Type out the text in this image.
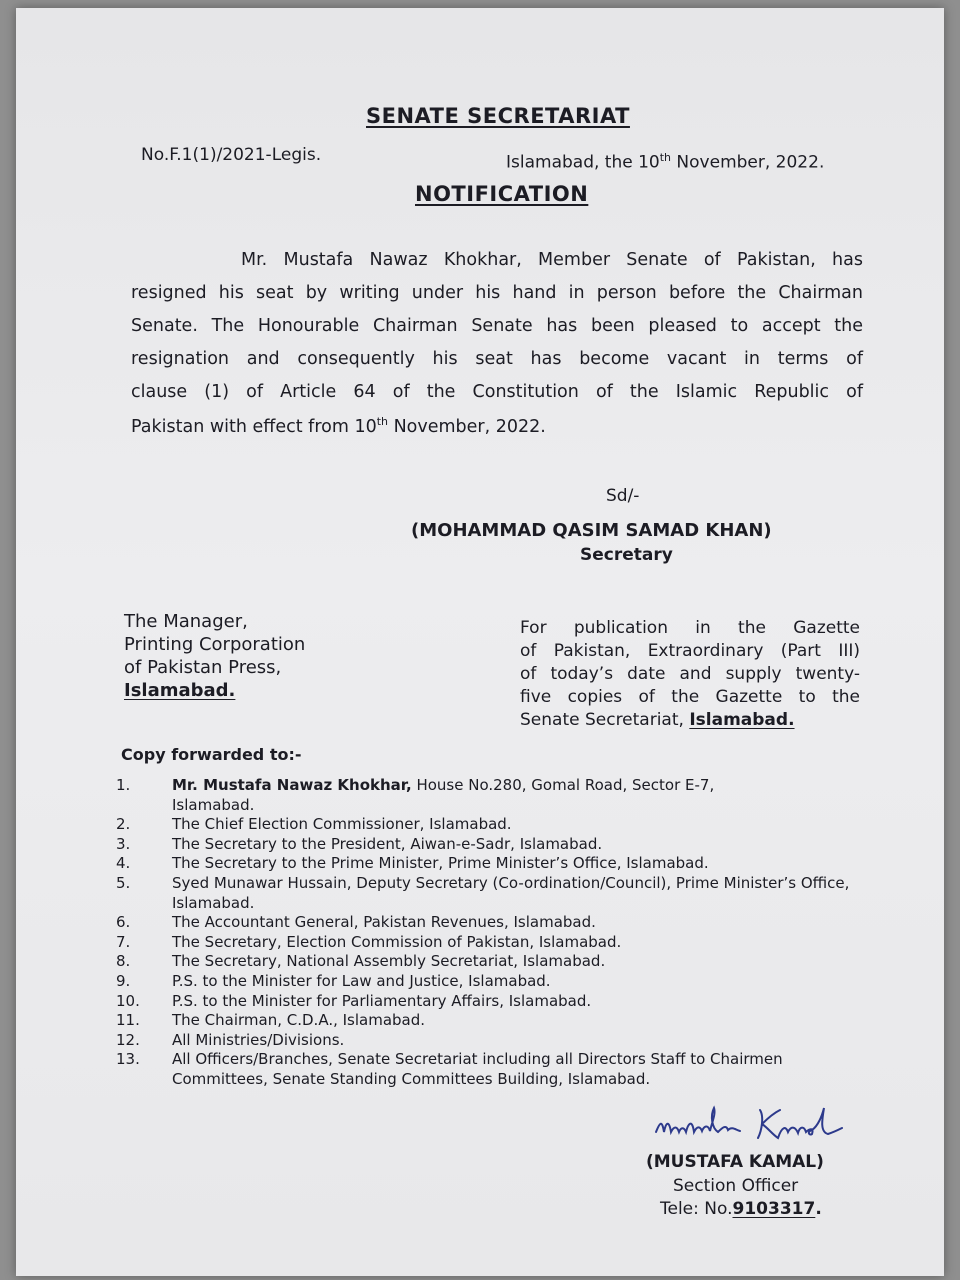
SENATE SECRETARIAT
No.F.1(1)/2021-Legis.	Islamabad, the 10th November, 2022.
NOTIFICATION
Mr. Mustafa Nawaz Khokhar, Member Senate of Pakistan, has
resigned his seat by writing under his hand in person before the Chairman
Senate. The Honourable Chairman Senate has been pleased to accept the
resignation and consequently his seat has become vacant in terms of
clause (1) of Article 64 of the Constitution of the Islamic Republic of
Pakistan with effect from 10th November, 2022.
Sd/-
(MOHAMMAD QASIM SAMAD KHAN)
Secretary
The Manager,
Printing Corporation
of Pakistan Press,
Islamabad.
For publication in the Gazette
of Pakistan, Extraordinary (Part III)
of today’s date and supply twenty-
five copies of the Gazette to the
Senate Secretariat, Islamabad.
Copy forwarded to:-
1.	Mr. Mustafa Nawaz Khokhar, House No.280, Gomal Road, Sector E-7,
Islamabad.
2.	The Chief Election Commissioner, Islamabad.
3.	The Secretary to the President, Aiwan-e-Sadr, Islamabad.
4.	The Secretary to the Prime Minister, Prime Minister’s Office, Islamabad.
5.	Syed Munawar Hussain, Deputy Secretary (Co-ordination/Council), Prime Minister’s Office, Islamabad.
6.	The Accountant General, Pakistan Revenues, Islamabad.
7.	The Secretary, Election Commission of Pakistan, Islamabad.
8.	The Secretary, National Assembly Secretariat, Islamabad.
9.	P.S. to the Minister for Law and Justice, Islamabad.
10.	P.S. to the Minister for Parliamentary Affairs, Islamabad.
11.	The Chairman, C.D.A., Islamabad.
12.	All Ministries/Divisions.
13.	All Officers/Branches, Senate Secretariat including all Directors Staff to Chairmen Committees, Senate Standing Committees Building, Islamabad.
(MUSTAFA KAMAL)
Section Officer
Tele: No.9103317.
